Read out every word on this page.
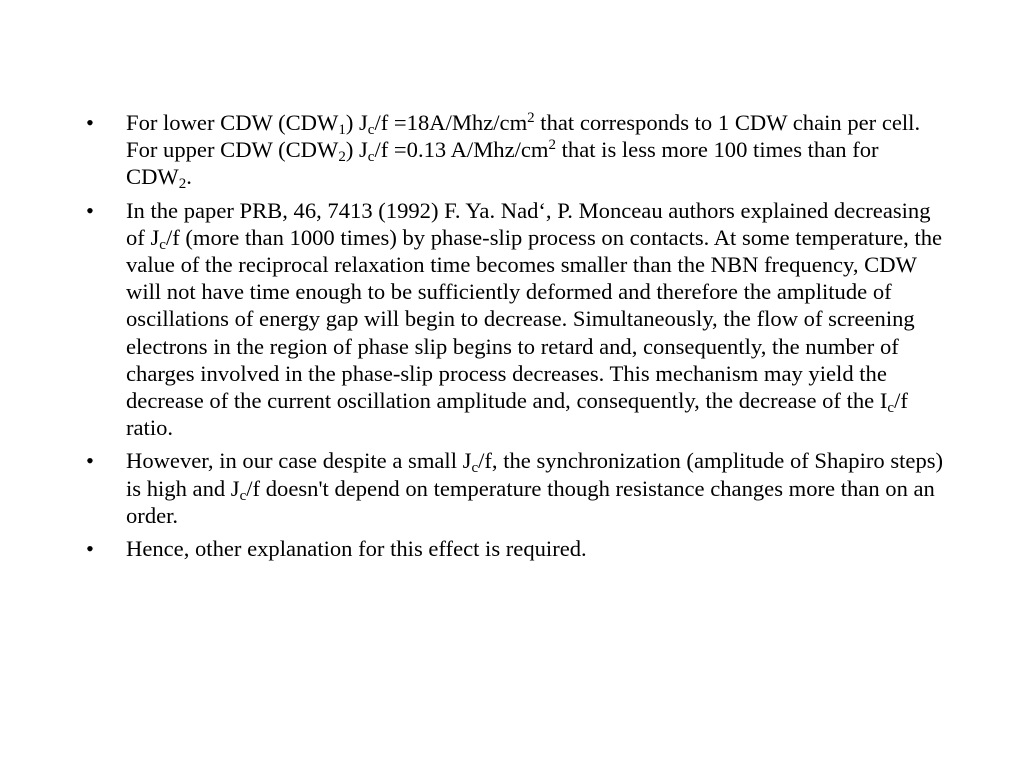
•	For lower CDW $(CDW_1)$ $J_c/f =18A/Mhz/cm^2$ that corresponds to 1 CDW chain per cell. For upper CDW $(CDW_2)$ $J_c/f =0.13$ $A/Mhz/cm^2$ that is less more 100 times than for $CDW_2$.
•	In the paper PRB, 46, 7413 (1992) F. Ya. Nad‘, P. Monceau authors explained decreasing of $J_c/f$ (more than 1000 times) by phase-slip process on contacts. At some temperature, the value of the reciprocal relaxation time becomes smaller than the NBN frequency, CDW will not have time enough to be sufficiently deformed and therefore the amplitude of oscillations of energy gap will begin to decrease. Simultaneously, the flow of screening electrons in the region of phase slip begins to retard and, consequently, the number of charges involved in the phase-slip process decreases. This mechanism may yield the decrease of the current oscillation amplitude and, consequently, the decrease of the $I_c/f$ ratio.
•	However, in our case despite a small $J_c/f$, the synchronization (amplitude of Shapiro steps) is high and $J_c/f$ doesn't depend on temperature though resistance changes more than on an order.
•	Hence, other explanation for this effect is required.
